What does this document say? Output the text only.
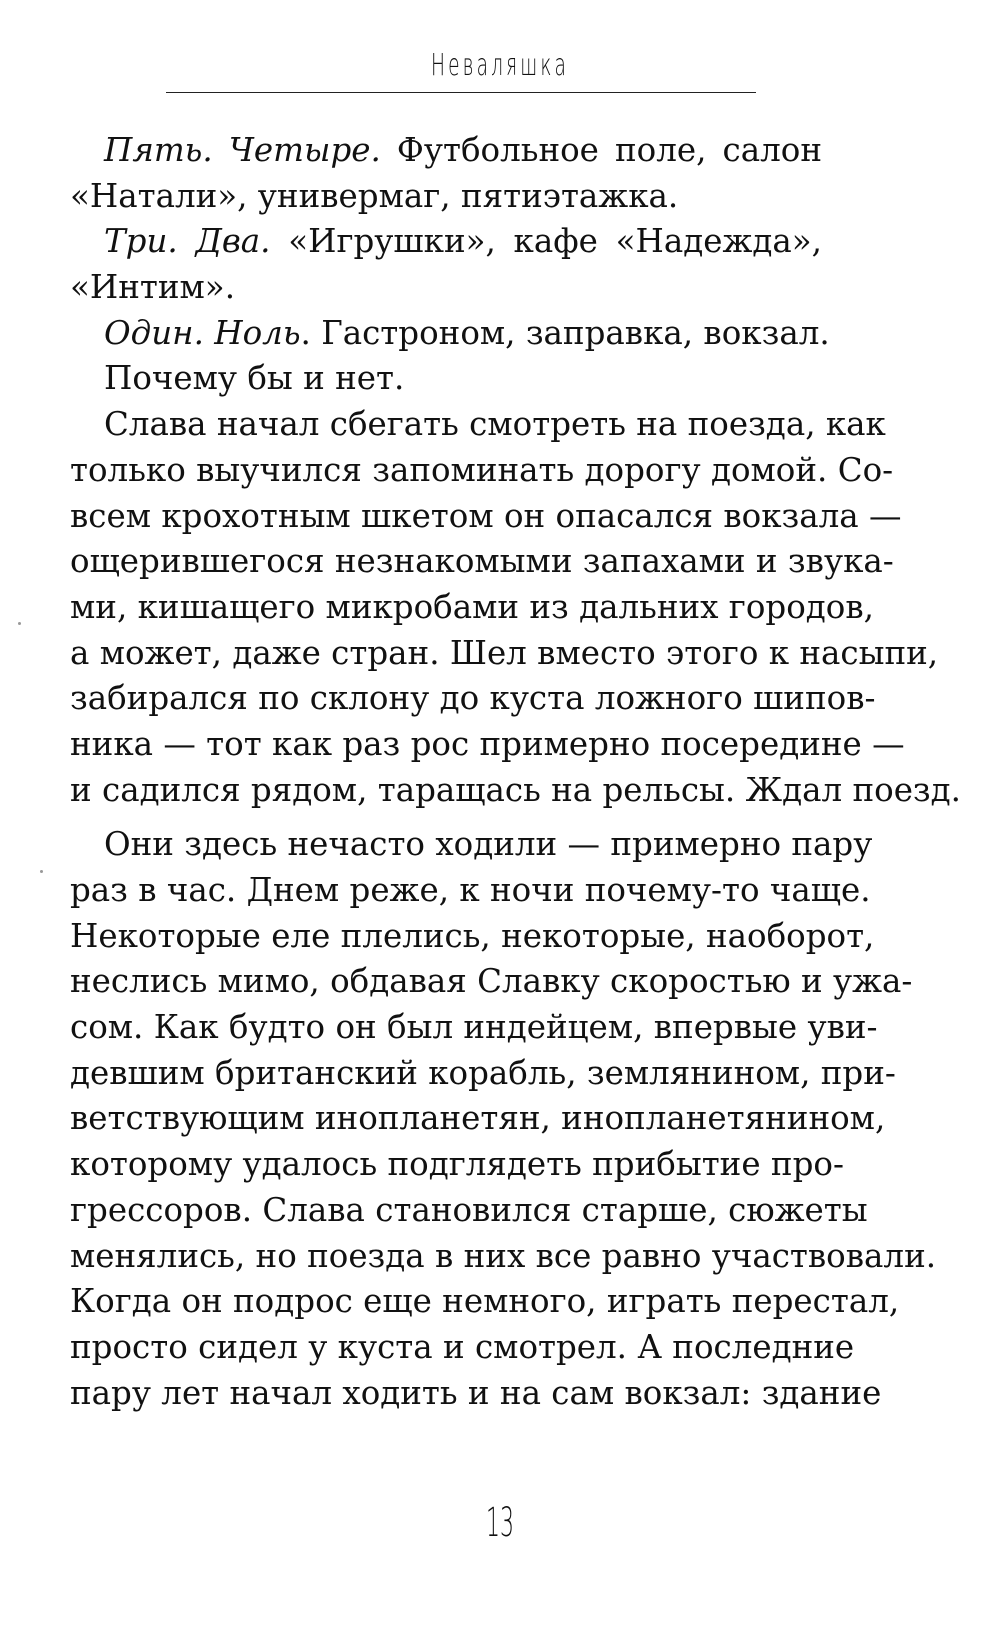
Неваляшка
Пять. Четыре. Футбольное поле, салон
«Натали», универмаг, пятиэтажка.
Три. Два. «Игрушки», кафе «Надежда»,
«Интим».
Один. Ноль. Гастроном, заправка, вокзал.
Почему бы и нет.
Слава начал сбегать смотреть на поезда, как
только выучился запоминать дорогу домой. Со-
всем крохотным шкетом он опасался вокзала —
ощерившегося незнакомыми запахами и звука-
ми, кишащего микробами из дальних городов,
а может, даже стран. Шел вместо этого к насыпи,
забирался по склону до куста ложного шипов-
ника — тот как раз рос примерно посередине —
и садился рядом, таращась на рельсы. Ждал поезд.
Они здесь нечасто ходили — примерно пару
раз в час. Днем реже, к ночи почему-то чаще.
Некоторые еле плелись, некоторые, наоборот,
неслись мимо, обдавая Славку скоростью и ужа-
сом. Как будто он был индейцем, впервые уви-
девшим британский корабль, землянином, при-
ветствующим инопланетян, инопланетянином,
которому удалось подглядеть прибытие про-
грессоров. Слава становился старше, сюжеты
менялись, но поезда в них все равно участвовали.
Когда он подрос еще немного, играть перестал,
просто сидел у куста и смотрел. А последние
пару лет начал ходить и на сам вокзал: здание
13
